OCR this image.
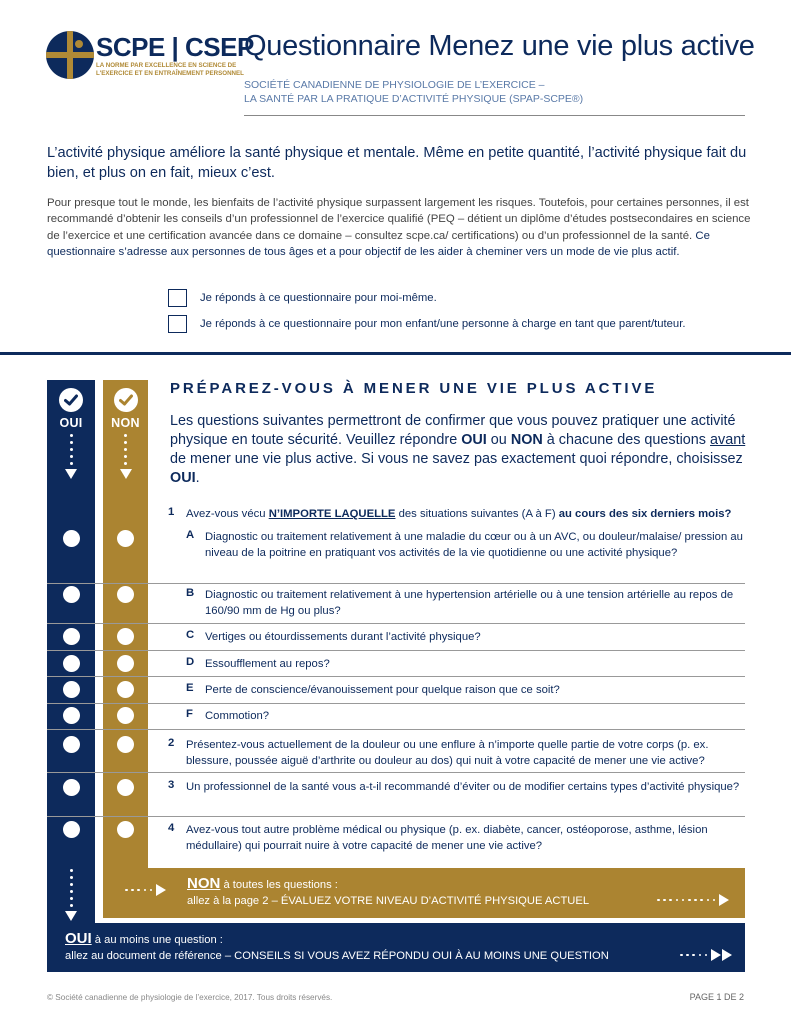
SCPE | CSEP
LA NORME PAR EXCELLENCE EN SCIENCE DE
L'EXERCICE ET EN ENTRAÎNEMENT PERSONNEL
Questionnaire Menez une vie plus active
SOCIÉTÉ CANADIENNE DE PHYSIOLOGIE DE L’EXERCICE –
LA SANTÉ PAR LA PRATIQUE D’ACTIVITÉ PHYSIQUE (SPAP-SCPE®)
L’activité physique améliore la santé physique et mentale. Même en petite quantité, l’activité physique fait du bien, et plus on en fait, mieux c’est.
Pour presque tout le monde, les bienfaits de l’activité physique surpassent largement les risques. Toutefois, pour certaines personnes, il est recommandé d’obtenir les conseils d’un professionnel de l’exercice qualifié (PEQ – détient un diplôme d’études postsecondaires en science de l’exercice et une certification avancée dans ce domaine – consultez scpe.ca/ certifications) ou d’un professionnel de la santé. Ce questionnaire s’adresse aux personnes de tous âges et a pour objectif de les aider à cheminer vers un mode de vie plus actif.
Je réponds à ce questionnaire pour moi-même.
Je réponds à ce questionnaire pour mon enfant/une personne à charge en tant que parent/tuteur.
OUI	NON
PRÉPAREZ-VOUS À MENER UNE VIE PLUS ACTIVE
Les questions suivantes permettront de confirmer que vous pouvez pratiquer une activité physique en toute sécurité. Veuillez répondre OUI ou NON à chacune des questions avant de mener une vie plus active. Si vous ne savez pas exactement quoi répondre, choisissez OUI.
1 Avez-vous vécu N’IMPORTE LAQUELLE des situations suivantes (A à F) au cours des six derniers mois?
A Diagnostic ou traitement relativement à une maladie du cœur ou à un AVC, ou douleur/malaise/ pression au niveau de la poitrine en pratiquant vos activités de la vie quotidienne ou une activité physique?
B Diagnostic ou traitement relativement à une hypertension artérielle ou à une tension artérielle au repos de 160/90 mm de Hg ou plus?
C Vertiges ou étourdissements durant l’activité physique?
D Essoufflement au repos?
E Perte de conscience/évanouissement pour quelque raison que ce soit?
F Commotion?
2 Présentez-vous actuellement de la douleur ou une enflure à n’importe quelle partie de votre corps (p. ex. blessure, poussée aiguë d’arthrite ou douleur au dos) qui nuit à votre capacité de mener une vie active?
3 Un professionnel de la santé vous a-t-il recommandé d’éviter ou de modifier certains types d’activité physique?
4 Avez-vous tout autre problème médical ou physique (p. ex. diabète, cancer, ostéoporose, asthme, lésion médullaire) qui pourrait nuire à votre capacité de mener une vie active?
NON à toutes les questions :
allez à la page 2 – ÉVALUEZ VOTRE NIVEAU D’ACTIVITÉ PHYSIQUE ACTUEL
OUI à au moins une question :
allez au document de référence – CONSEILS SI VOUS AVEZ RÉPONDU OUI À AU MOINS UNE QUESTION
© Société canadienne de physiologie de l’exercice, 2017. Tous droits réservés.	PAGE 1 DE 2
